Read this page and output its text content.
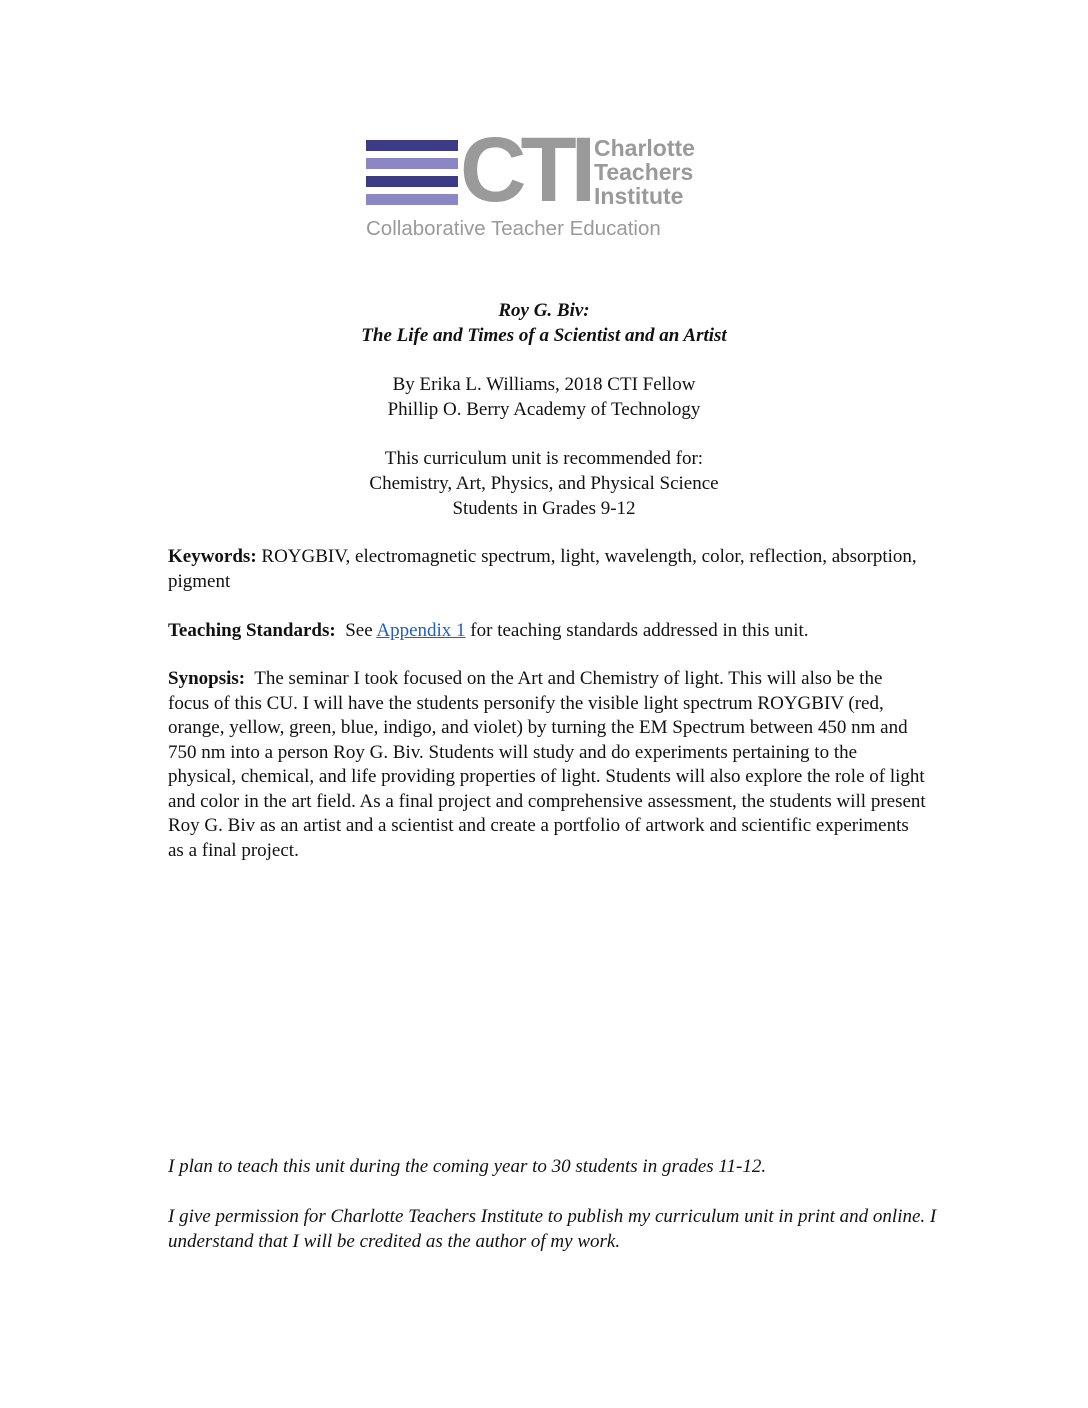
CTI Charlotte
Teachers
Institute
Collaborative Teacher Education
Roy G. Biv:
The Life and Times of a Scientist and an Artist
By Erika L. Williams, 2018 CTI Fellow
Phillip O. Berry Academy of Technology
This curriculum unit is recommended for:
Chemistry, Art, Physics, and Physical Science
Students in Grades 9-12

Keywords: ROYGBIV, electromagnetic spectrum, light, wavelength, color, reflection, absorption, pigment

Teaching Standards:  See Appendix 1 for teaching standards addressed in this unit.

Synopsis:  The seminar I took focused on the Art and Chemistry of light. This will also be the focus of this CU. I will have the students personify the visible light spectrum ROYGBIV (red, orange, yellow, green, blue, indigo, and violet) by turning the EM Spectrum between 450 nm and 750 nm into a person Roy G. Biv. Students will study and do experiments pertaining to the physical, chemical, and life providing properties of light. Students will also explore the role of light and color in the art field. As a final project and comprehensive assessment, the students will present Roy G. Biv as an artist and a scientist and create a portfolio of artwork and scientific experiments as a final project.

I plan to teach this unit during the coming year to 30 students in grades 11-12.

I give permission for Charlotte Teachers Institute to publish my curriculum unit in print and online. I understand that I will be credited as the author of my work.
